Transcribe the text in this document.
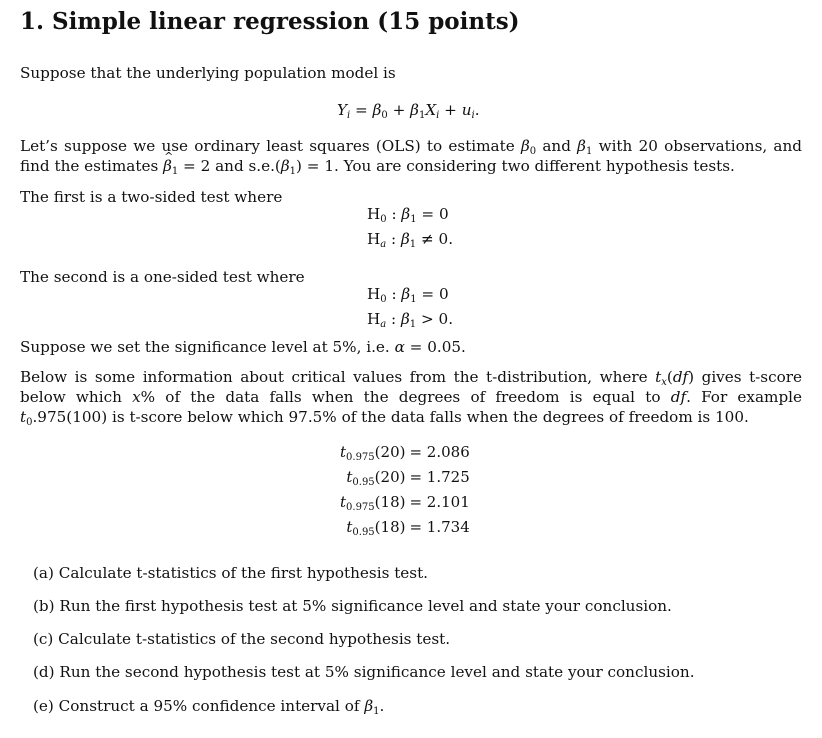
1. Simple linear regression (15 points)
Suppose that the underlying population model is
$Y_i = \beta_0 + \beta_1X_i + u_i$.
Let’s suppose we use ordinary least squares (OLS) to estimate $\beta_0$ and $\beta_1$ with 20 observations, and find the estimates ^ $\beta_1 = 2$ and $s.e.(\beta_1) = 1$. You are considering two different hypothesis tests.
The first is a two-sided test where
$H_0$ : $\beta_1 = 0$
$H_a$ : $\beta_1 \ne 0$.
The second is a one-sided test where
$H_0$ : $\beta_1 = 0$
$H_a$ : $\beta_1 > 0$.
Suppose we set the significance level at 5%, i.e. α = 0.05.
Below is some information about critical values from the t-distribution, where $t_x(df)$ gives t-score below which x% of the data falls when the degrees of freedom is equal to df. For example $t_0.975(100)$ is t-score below which 97.5% of the data falls when the degrees of freedom is 100.
$t_{0.975}(20)$	= 2.086
$t_{0.95}(20)$	= 1.725
$t_{0.975}(18)$	= 2.101
$t_{0.95}(18)$	= 1.734
(a) Calculate t-statistics of the first hypothesis test.
(b) Run the first hypothesis test at 5% significance level and state your conclusion.
(c) Calculate t-statistics of the second hypothesis test.
(d) Run the second hypothesis test at 5% significance level and state your conclusion.
(e) Construct a 95% confidence interval of $\beta_1$.
